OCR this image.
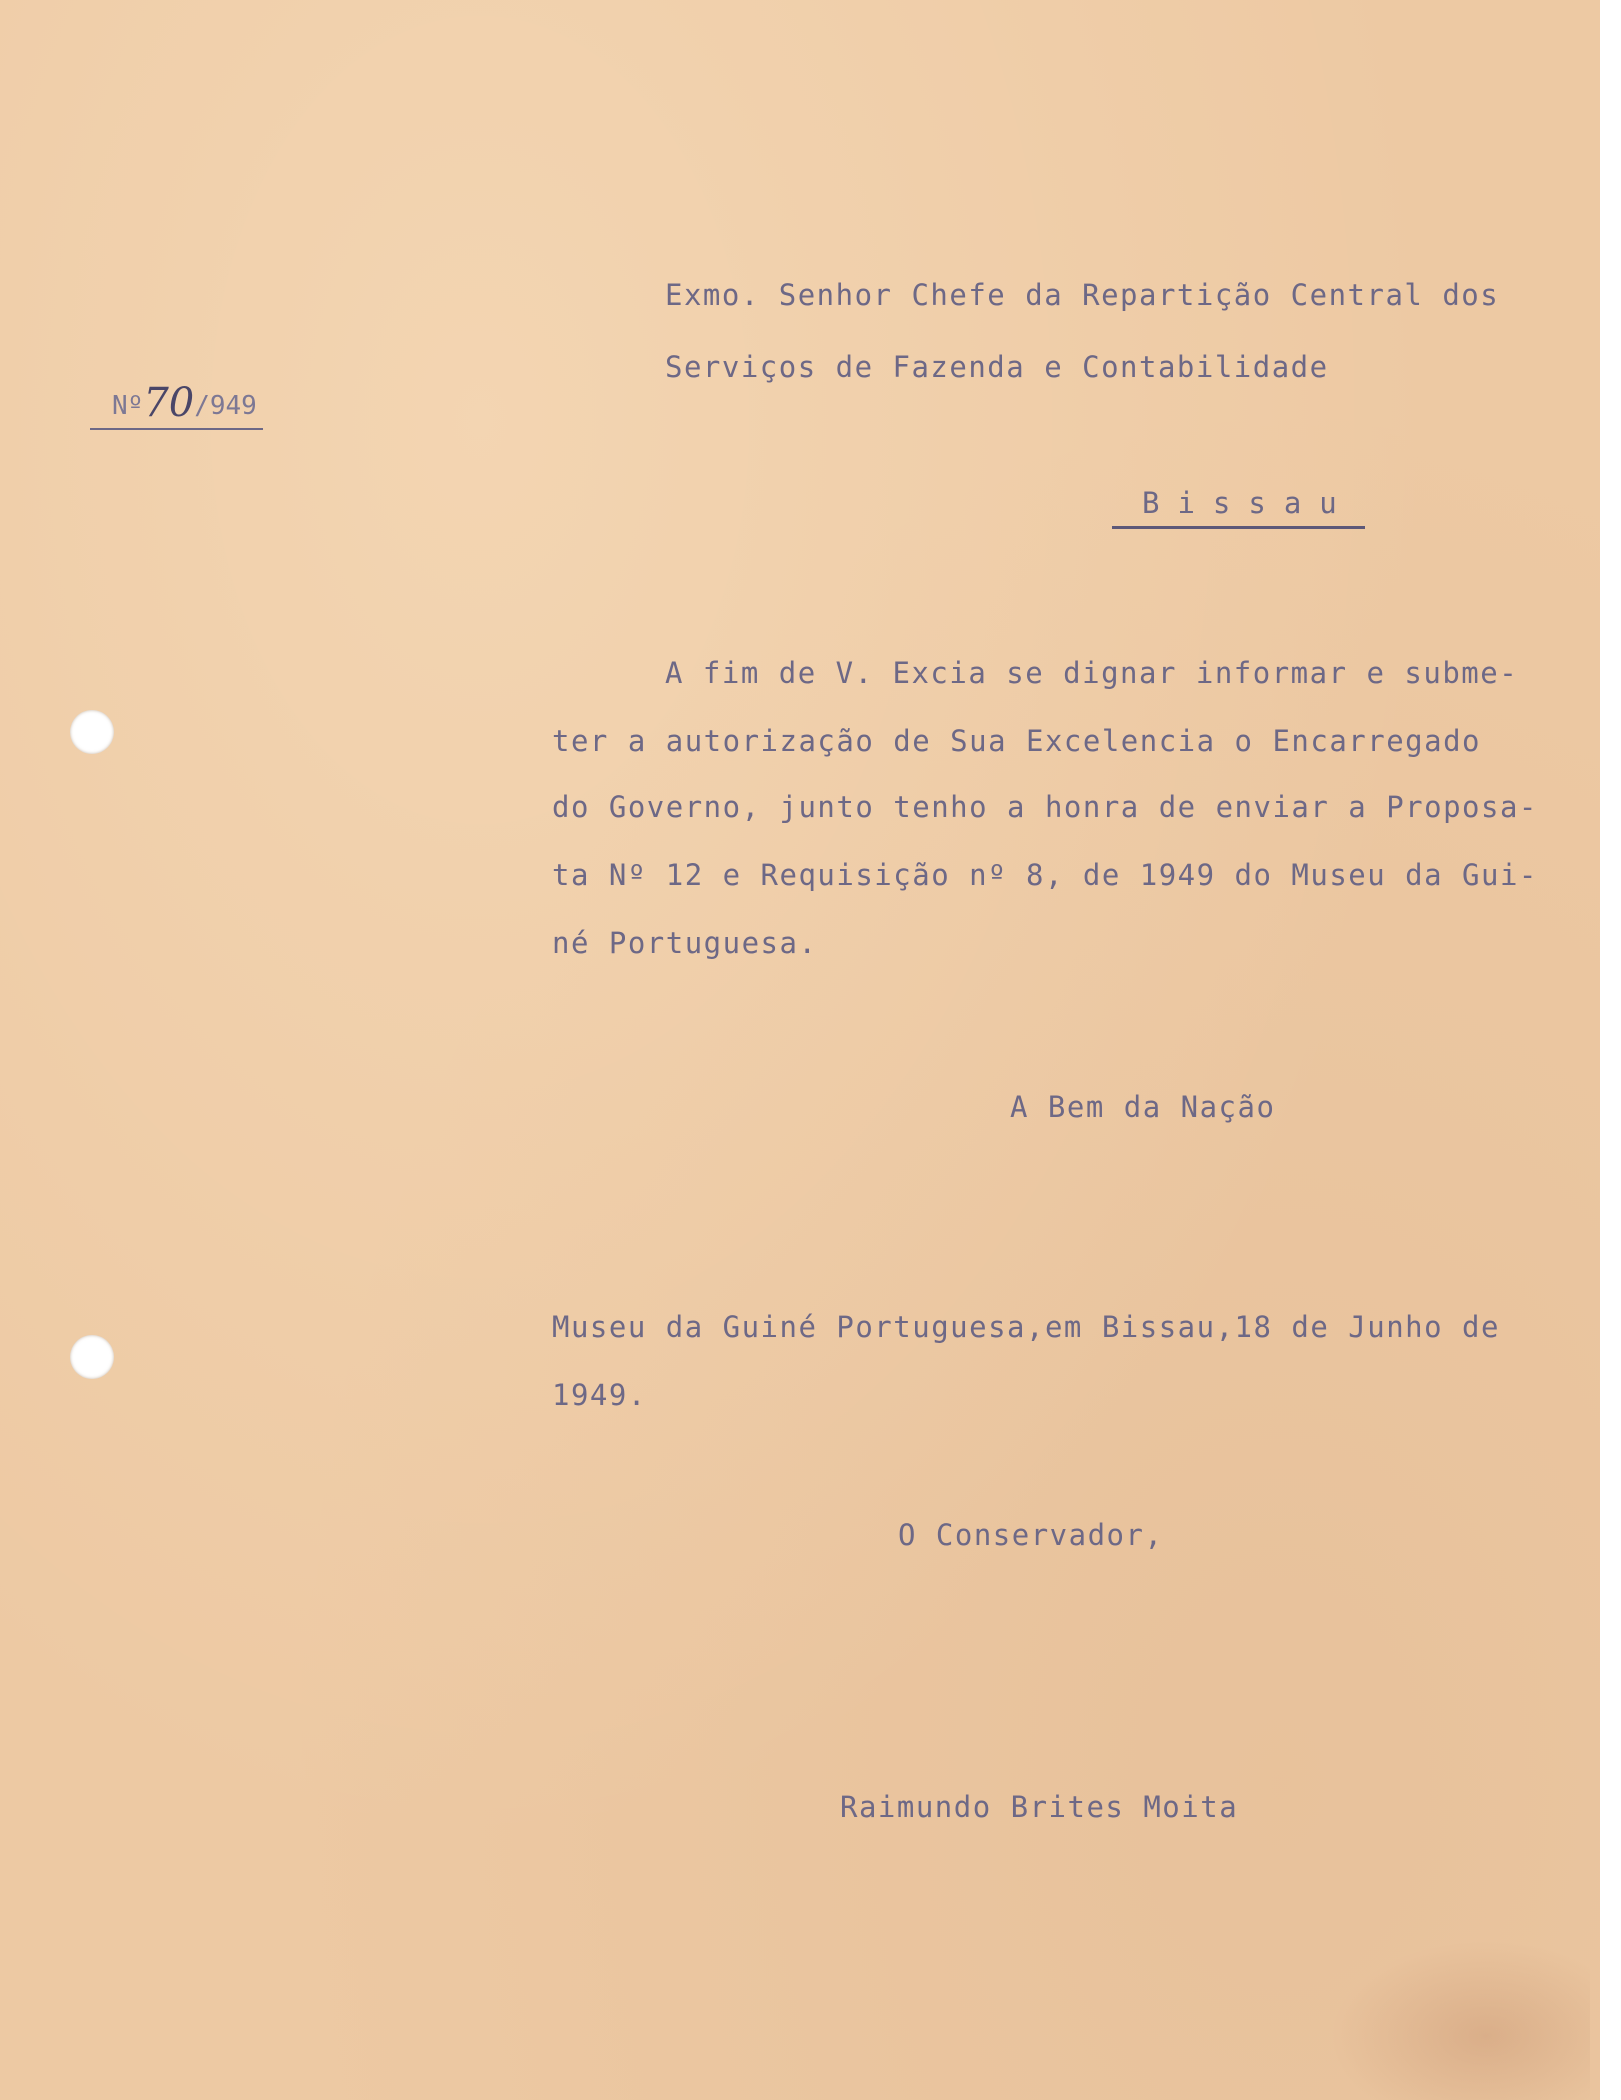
Nº70/949
Exmo. Senhor Chefe da Repartição Central dos
Serviços de Fazenda e Contabilidade
Bissau
A fim de V. Excia se dignar informar e subme-
ter a autorização de Sua Excelencia o Encarregado
do Governo, junto tenho a honra de enviar a Proposa-
ta Nº 12 e Requisição nº 8, de 1949 do Museu da Gui-
né Portuguesa.
A Bem da Nação
Museu da Guiné Portuguesa,em Bissau,18 de Junho de
1949.
O Conservador,
Raimundo Brites Moita
